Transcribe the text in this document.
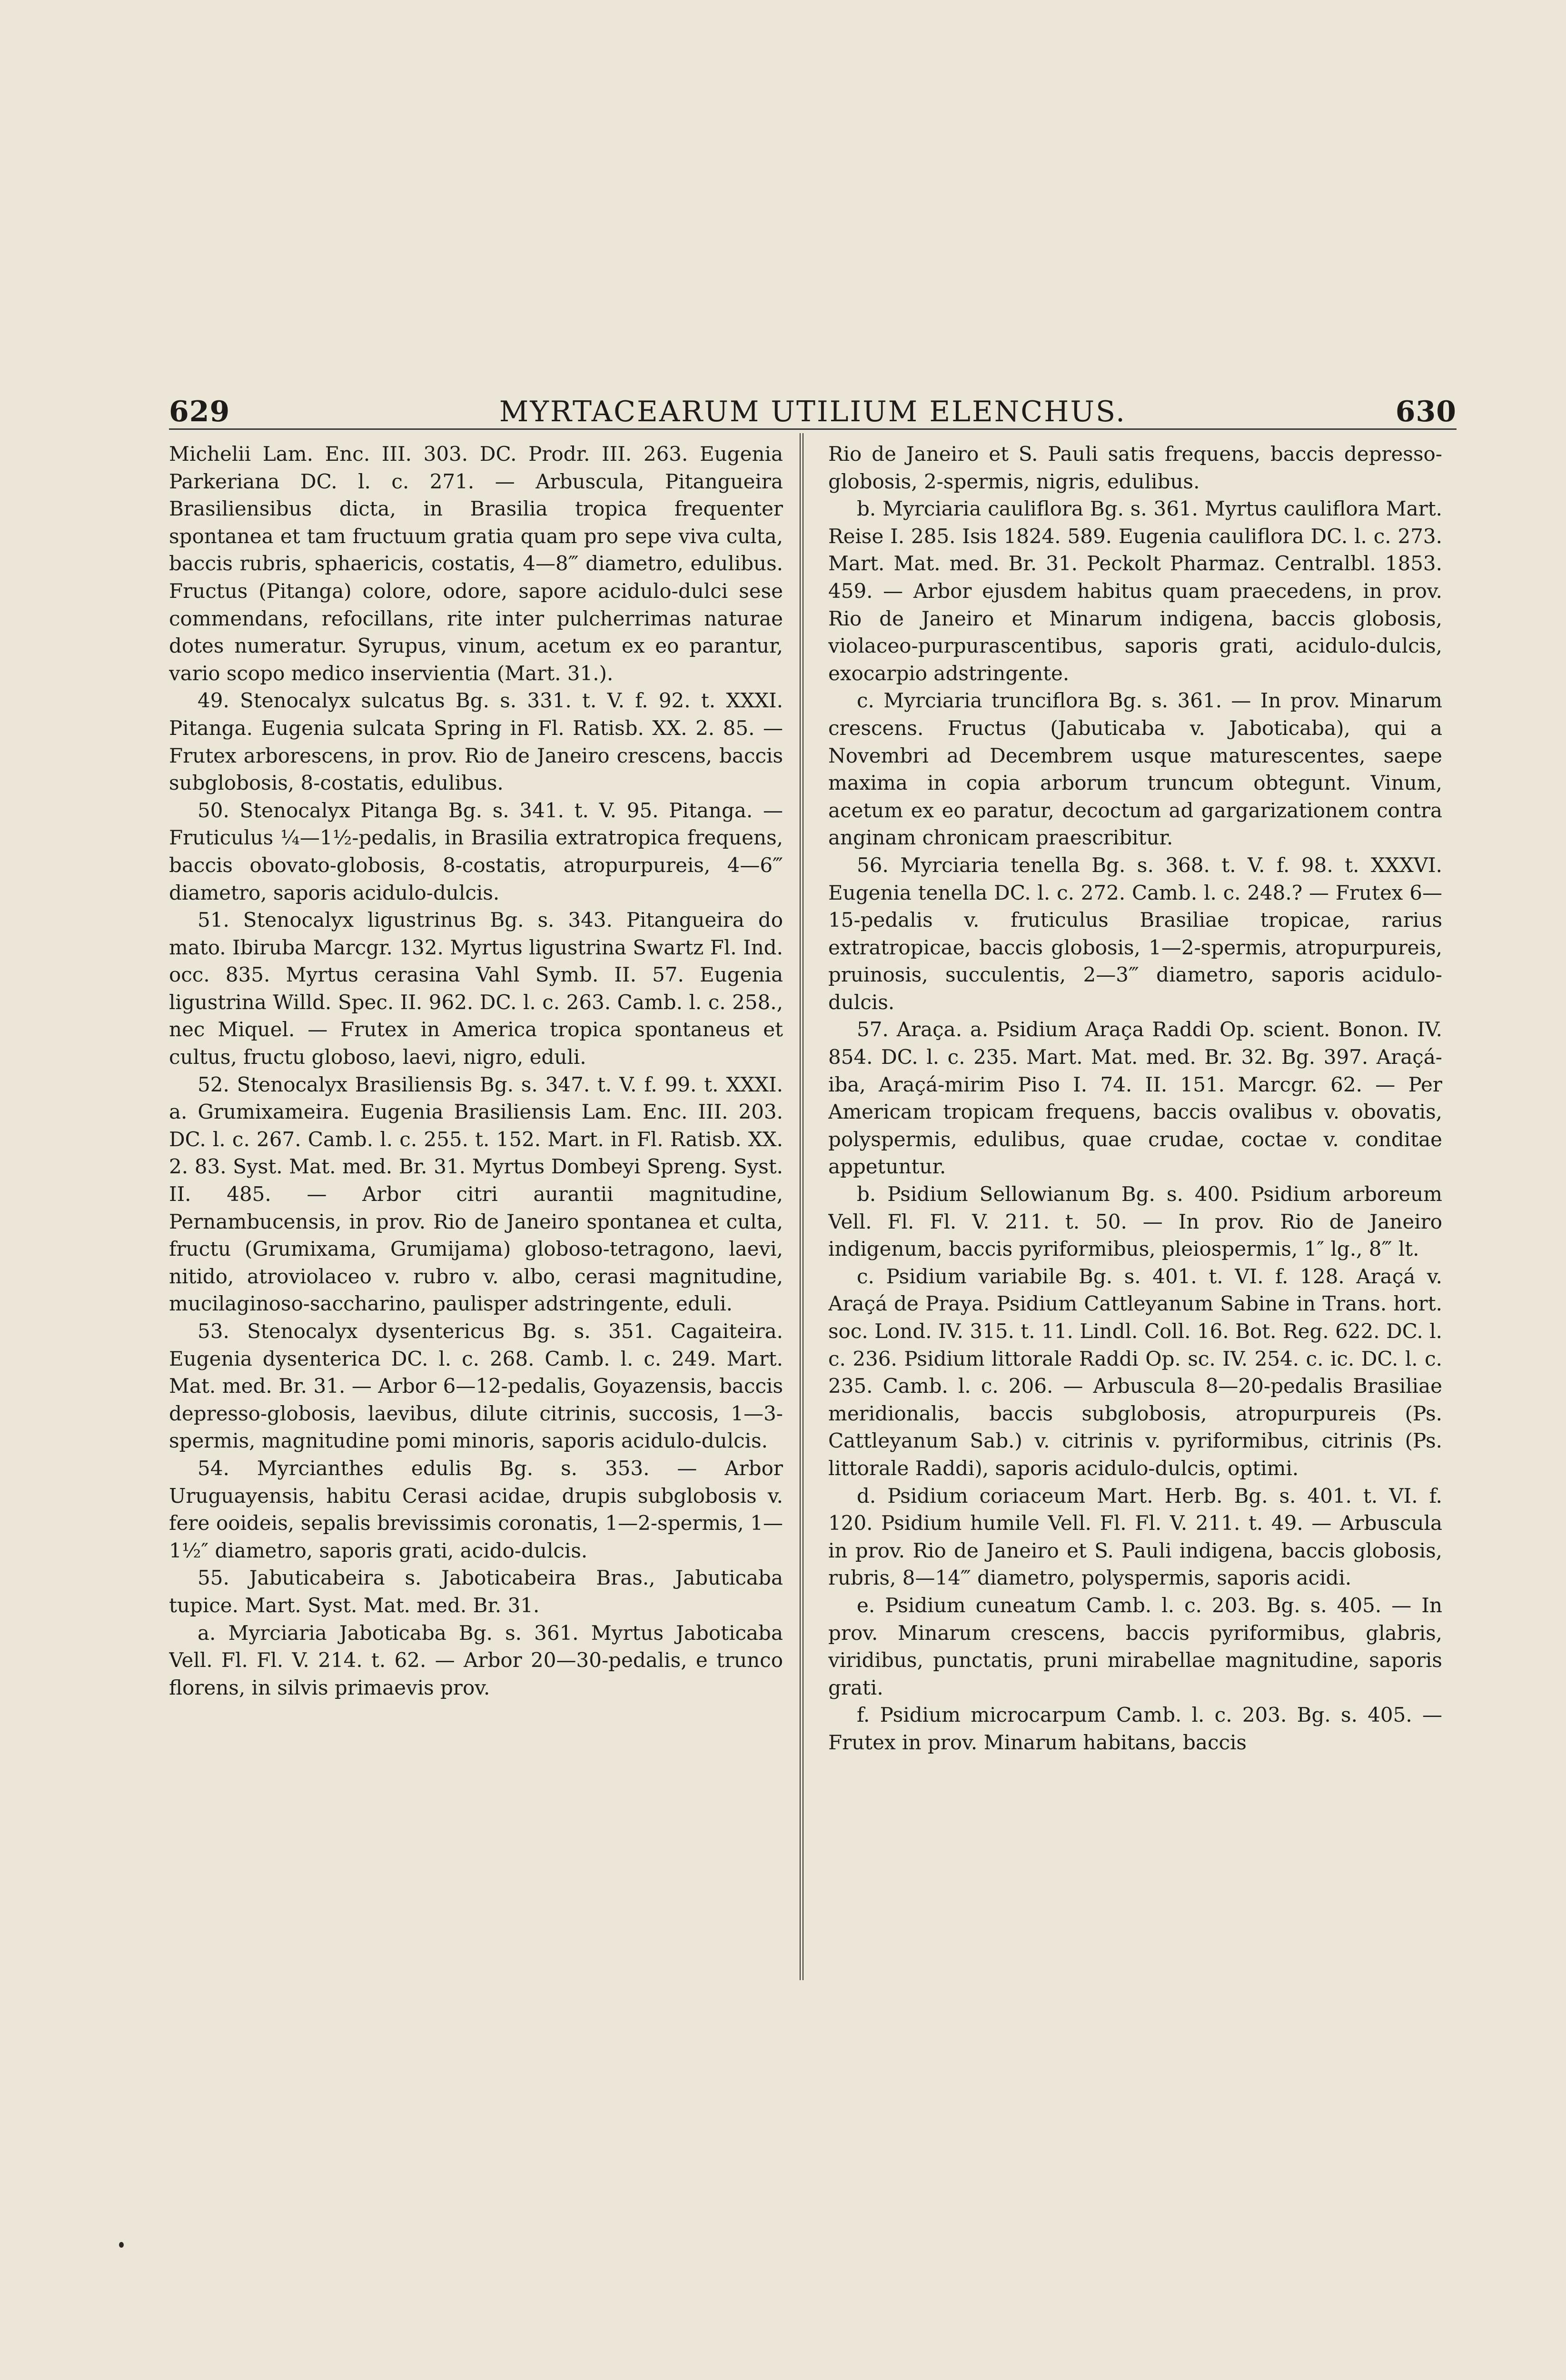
629	MYRTACEARUM UTILIUM ELENCHUS.	630

Michelii Lam. Enc. III. 303. DC. Prodr. III. 263. Eugenia Parkeriana DC. l. c. 271. — Arbuscula, Pitangueira Brasiliensibus dicta, in Brasilia tropica frequenter spontanea et tam fructuum gratia quam pro sepe viva culta, baccis rubris, sphaericis, costatis, 4—8‴ diametro, edulibus. Fructus (Pitanga) colore, odore, sapore acidulo-dulci sese commendans, refocillans, rite inter pulcherrimas naturae dotes numeratur. Syrupus, vinum, acetum ex eo parantur, vario scopo medico inservientia (Mart. 31.).

49. Stenocalyx sulcatus Bg. s. 331. t. V. f. 92. t. XXXI. Pitanga. Eugenia sulcata Spring in Fl. Ratisb. XX. 2. 85. — Frutex arborescens, in prov. Rio de Janeiro crescens, baccis subglobosis, 8-costatis, edulibus.

50. Stenocalyx Pitanga Bg. s. 341. t. V. 95. Pitanga. — Fruticulus ¼—1½-pedalis, in Brasilia extratropica frequens, baccis obovato-globosis, 8-costatis, atropurpureis, 4—6‴ diametro, saporis acidulo-dulcis.

51. Stenocalyx ligustrinus Bg. s. 343. Pitangueira do mato. Ibiruba Marcgr. 132. Myrtus ligustrina Swartz Fl. Ind. occ. 835. Myrtus cerasina Vahl Symb. II. 57. Eugenia ligustrina Willd. Spec. II. 962. DC. l. c. 263. Camb. l. c. 258., nec Miquel. — Frutex in America tropica spontaneus et cultus, fructu globoso, laevi, nigro, eduli.

52. Stenocalyx Brasiliensis Bg. s. 347. t. V. f. 99. t. XXXI. a. Grumixameira. Eugenia Brasiliensis Lam. Enc. III. 203. DC. l. c. 267. Camb. l. c. 255. t. 152. Mart. in Fl. Ratisb. XX. 2. 83. Syst. Mat. med. Br. 31. Myrtus Dombeyi Spreng. Syst. II. 485. — Arbor citri aurantii magnitudine, Pernambucensis, in prov. Rio de Janeiro spontanea et culta, fructu (Grumixama, Grumijama) globoso-tetragono, laevi, nitido, atroviolaceo v. rubro v. albo, cerasi magnitudine, mucilaginoso-saccharino, paulisper adstringente, eduli.

53. Stenocalyx dysentericus Bg. s. 351. Cagaiteira. Eugenia dysenterica DC. l. c. 268. Camb. l. c. 249. Mart. Mat. med. Br. 31. — Arbor 6—12-pedalis, Goyazensis, baccis depresso-globosis, laevibus, dilute citrinis, succosis, 1—3-spermis, magnitudine pomi minoris, saporis acidulo-dulcis.

54. Myrcianthes edulis Bg. s. 353. — Arbor Uruguayensis, habitu Cerasi acidae, drupis subglobosis v. fere ooideis, sepalis brevissimis coronatis, 1—2-spermis, 1—1½″ diametro, saporis grati, acido-dulcis.

55. Jabuticabeira s. Jaboticabeira Bras., Jabuticaba tupice. Mart. Syst. Mat. med. Br. 31.

a. Myrciaria Jaboticaba Bg. s. 361. Myrtus Jaboticaba Vell. Fl. Fl. V. 214. t. 62. — Arbor 20—30-pedalis, e trunco florens, in silvis primaevis prov.

Rio de Janeiro et S. Pauli satis frequens, baccis depresso-globosis, 2-spermis, nigris, edulibus.

b. Myrciaria cauliflora Bg. s. 361. Myrtus cauliflora Mart. Reise I. 285. Isis 1824. 589. Eugenia cauliflora DC. l. c. 273. Mart. Mat. med. Br. 31. Peckolt Pharmaz. Centralbl. 1853. 459. — Arbor ejusdem habitus quam praecedens, in prov. Rio de Janeiro et Minarum indigena, baccis globosis, violaceo-purpurascentibus, saporis grati, acidulo-dulcis, exocarpio adstringente.

c. Myrciaria trunciflora Bg. s. 361. — In prov. Minarum crescens. Fructus (Jabuticaba v. Jaboticaba), qui a Novembri ad Decembrem usque maturescentes, saepe maxima in copia arborum truncum obtegunt. Vinum, acetum ex eo paratur, decoctum ad gargarizationem contra anginam chronicam praescribitur.

56. Myrciaria tenella Bg. s. 368. t. V. f. 98. t. XXXVI. Eugenia tenella DC. l. c. 272. Camb. l. c. 248.? — Frutex 6—15-pedalis v. fruticulus Brasiliae tropicae, rarius extratropicae, baccis globosis, 1—2-spermis, atropurpureis, pruinosis, succulentis, 2—3‴ diametro, saporis acidulo-dulcis.

57. Araça. a. Psidium Araça Raddi Op. scient. Bonon. IV. 854. DC. l. c. 235. Mart. Mat. med. Br. 32. Bg. 397. Araçá-iba, Araçá-mirim Piso I. 74. II. 151. Marcgr. 62. — Per Americam tropicam frequens, baccis ovalibus v. obovatis, polyspermis, edulibus, quae crudae, coctae v. conditae appetuntur.

b. Psidium Sellowianum Bg. s. 400. Psidium arboreum Vell. Fl. Fl. V. 211. t. 50. — In prov. Rio de Janeiro indigenum, baccis pyriformibus, pleiospermis, 1″ lg., 8‴ lt.

c. Psidium variabile Bg. s. 401. t. VI. f. 128. Araçá v. Araçá de Praya. Psidium Cattleyanum Sabine in Trans. hort. soc. Lond. IV. 315. t. 11. Lindl. Coll. 16. Bot. Reg. 622. DC. l. c. 236. Psidium littorale Raddi Op. sc. IV. 254. c. ic. DC. l. c. 235. Camb. l. c. 206. — Arbuscula 8—20-pedalis Brasiliae meridionalis, baccis subglobosis, atropurpureis (Ps. Cattleyanum Sab.) v. citrinis v. pyriformibus, citrinis (Ps. littorale Raddi), saporis acidulo-dulcis, optimi.

d. Psidium coriaceum Mart. Herb. Bg. s. 401. t. VI. f. 120. Psidium humile Vell. Fl. Fl. V. 211. t. 49. — Arbuscula in prov. Rio de Janeiro et S. Pauli indigena, baccis globosis, rubris, 8—14‴ diametro, polyspermis, saporis acidi.

e. Psidium cuneatum Camb. l. c. 203. Bg. s. 405. — In prov. Minarum crescens, baccis pyriformibus, glabris, viridibus, punctatis, pruni mirabellae magnitudine, saporis grati.

f. Psidium microcarpum Camb. l. c. 203. Bg. s. 405. — Frutex in prov. Minarum habitans, baccis
